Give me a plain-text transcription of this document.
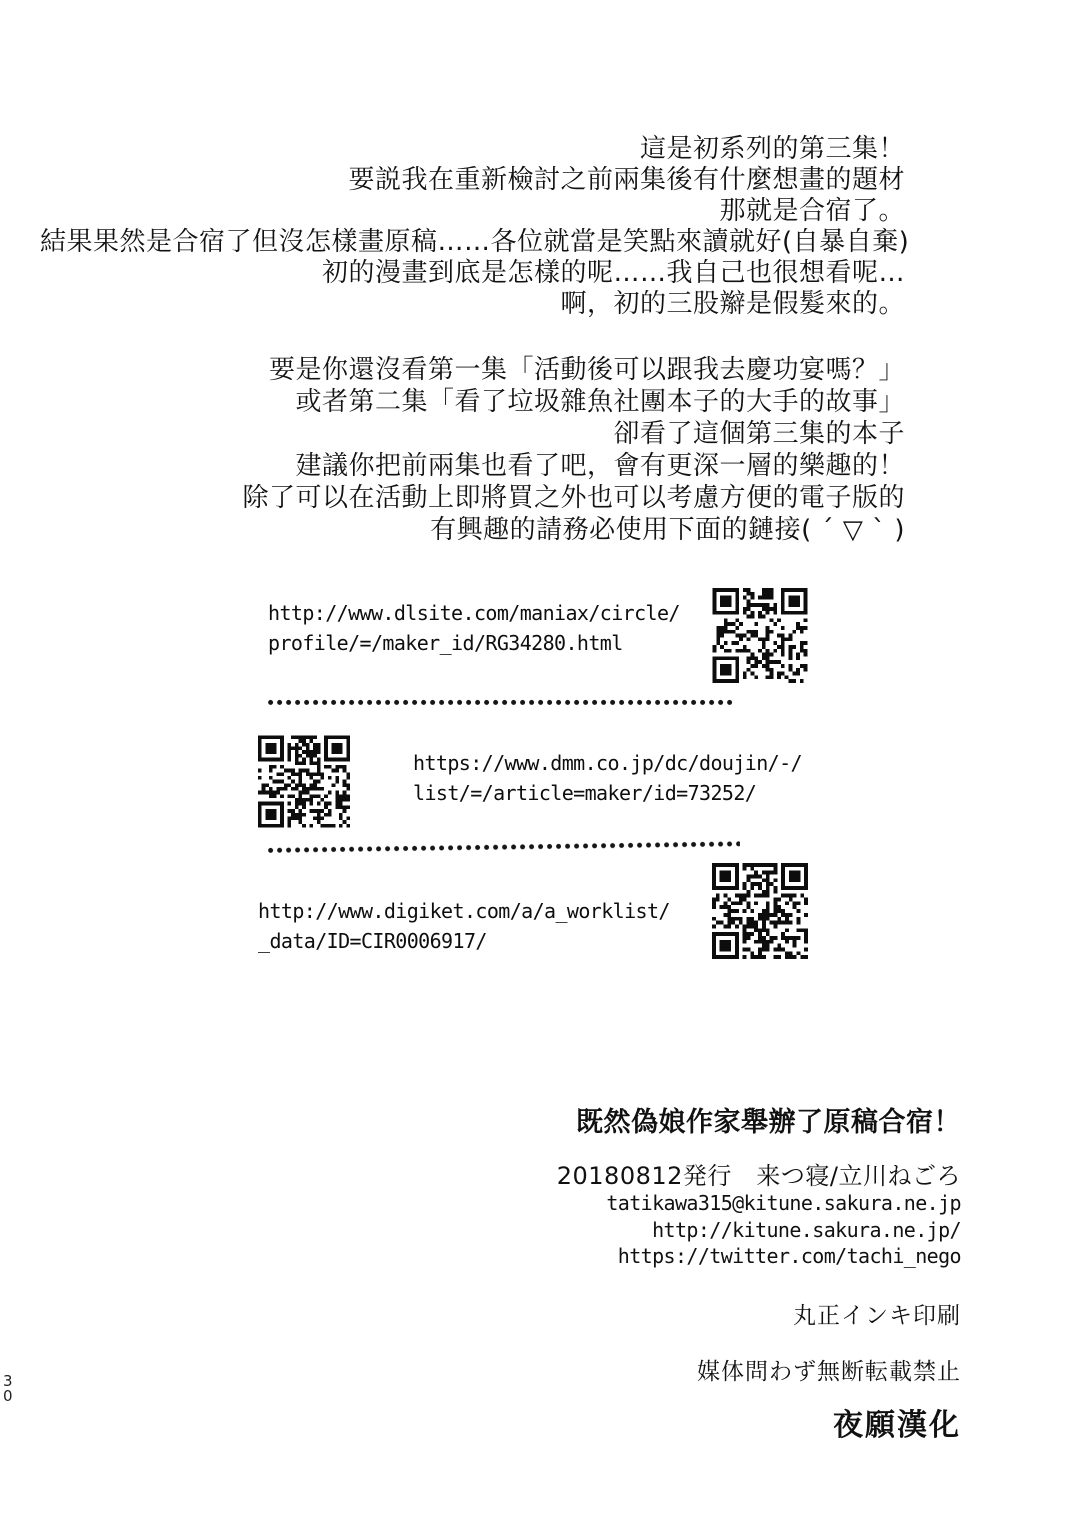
這是初系列的第三集！
要説我在重新檢討之前兩集後有什麼想畫的題材
那就是合宿了。
結果果然是合宿了但沒怎樣畫原稿……各位就當是笑點來讀就好(自暴自棄)
初的漫畫到底是怎樣的呢……我自己也很想看呢…
啊，初的三股辮是假髮來的。
要是你還沒看第一集「活動後可以跟我去慶功宴嗎？」
或者第二集「看了垃圾雜魚社團本子的大手的故事」
卻看了這個第三集的本子
建議你把前兩集也看了吧，會有更深一層的樂趣的！
除了可以在活動上即將買之外也可以考慮方便的電子版的
有興趣的請務必使用下面的鏈接( ´ ▽ ` )
http://www.dlsite.com/maniax/circle/
profile/=/maker_id/RG34280.html
https://www.dmm.co.jp/dc/doujin/-/
list/=/article=maker/id=73252/
http://www.digiket.com/a/a_worklist/
_data/ID=CIR0006917/
既然偽娘作家舉辦了原稿合宿！
20180812発行　来つ寝/立川ねごろ
tatikawa315@kitune.sakura.ne.jp
http://kitune.sakura.ne.jp/
https://twitter.com/tachi_nego
丸正インキ印刷
媒体問わず無断転載禁止
夜願漢化
30
